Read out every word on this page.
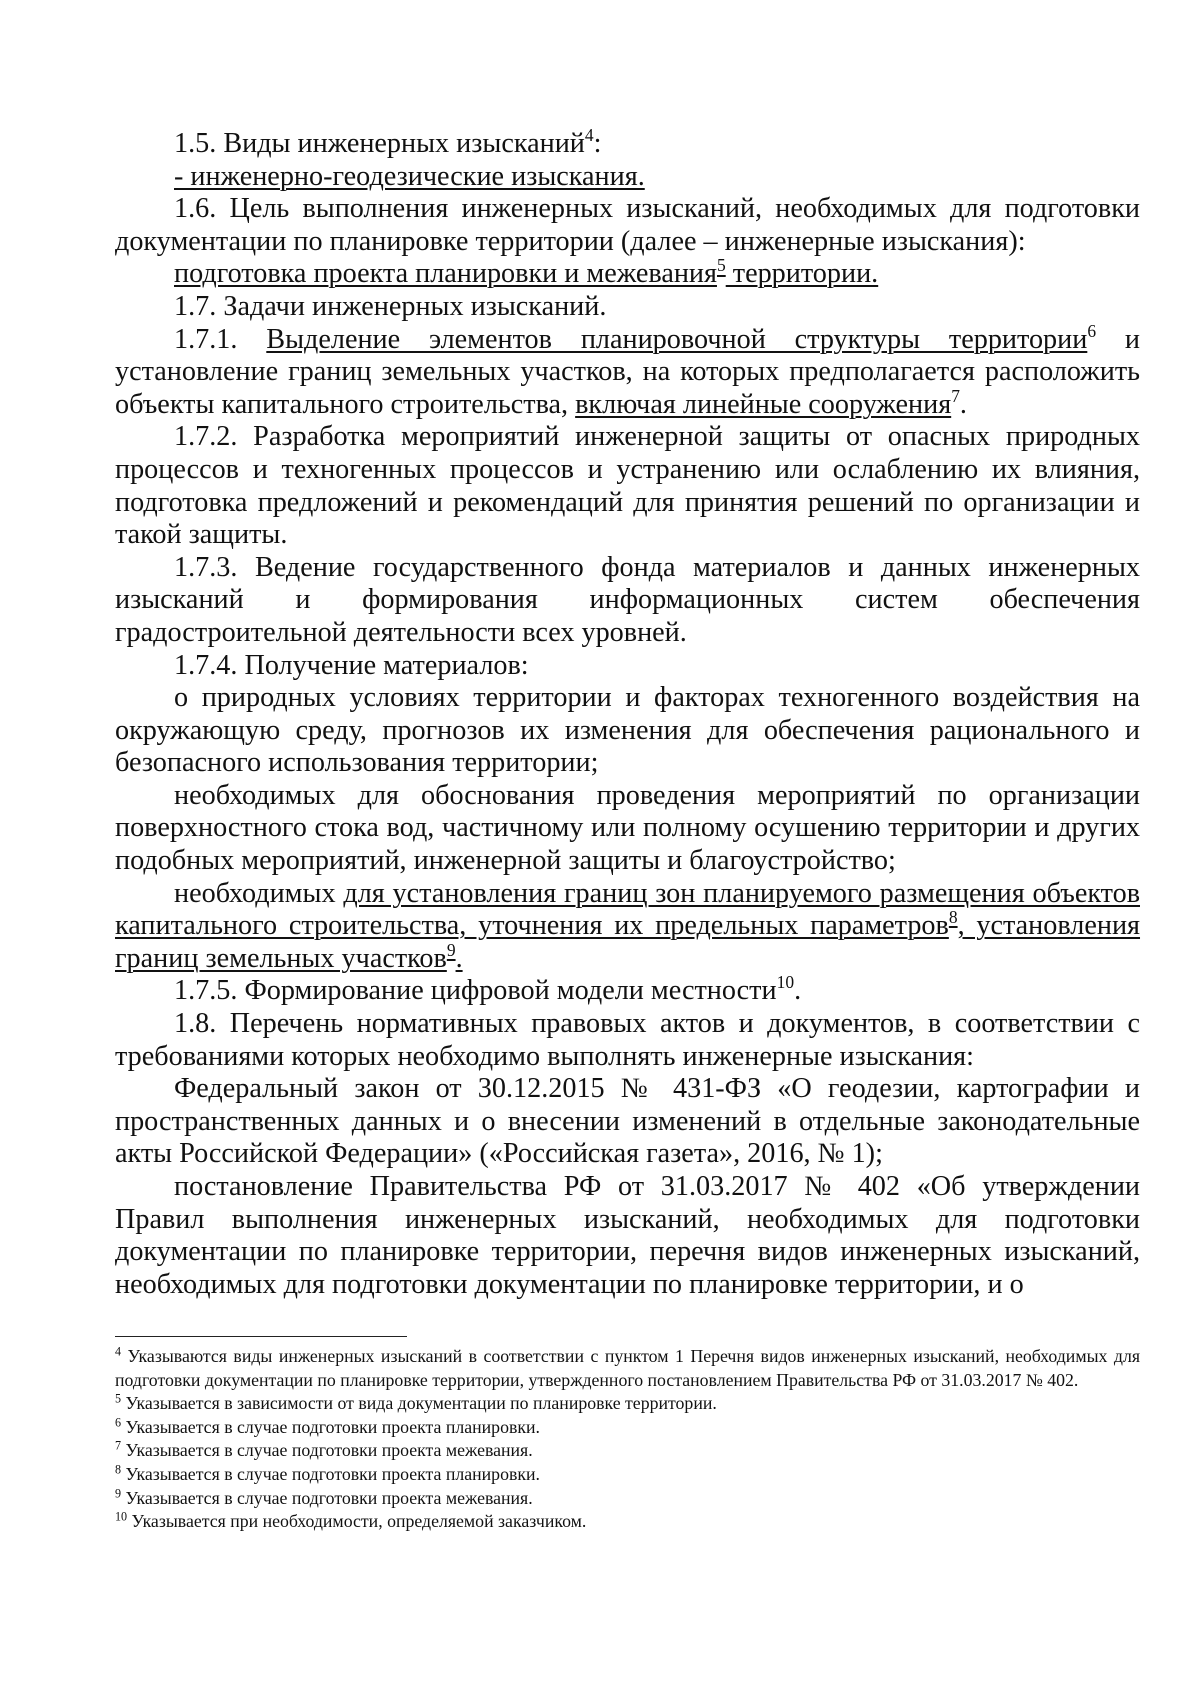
1.5. Виды инженерных изысканий$^4$:

- инженерно-геодезические изыскания.

1.6. Цель выполнения инженерных изысканий, необходимых для подготовки документации по планировке территории (далее – инженерные изыскания):

подготовка проекта планировки и межевания$^5$ территории.

1.7. Задачи инженерных изысканий.

1.7.1. Выделение элементов планировочной структуры территории$^6$ и установление границ земельных участков, на которых предполагается расположить объекты капитального строительства, включая линейные сооружения$^7$.

1.7.2. Разработка мероприятий инженерной защиты от опасных природных процессов и техногенных процессов и устранению или ослаблению их влияния, подготовка предложений и рекомендаций для принятия решений по организации и такой защиты.

1.7.3. Ведение государственного фонда материалов и данных инженерных изысканий и формирования информационных систем обеспечения градостроительной деятельности всех уровней.

1.7.4. Получение материалов:

о природных условиях территории и факторах техногенного воздействия на окружающую среду, прогнозов их изменения для обеспечения рационального и безопасного использования территории;

необходимых для обоснования проведения мероприятий по организации поверхностного стока вод, частичному или полному осушению территории и других подобных мероприятий, инженерной защиты и благоустройство;

необходимых для установления границ зон планируемого размещения объектов капитального строительства, уточнения их предельных параметров$^8$, установления границ земельных участков$^9$.

1.7.5. Формирование цифровой модели местности$^{10}$.

1.8. Перечень нормативных правовых актов и документов, в соответствии с требованиями которых необходимо выполнять инженерные изыскания:

Федеральный закон от 30.12.2015 № 431-ФЗ «О геодезии, картографии и пространственных данных и о внесении изменений в отдельные законодательные акты Российской Федерации» («Российская газета», 2016, № 1);

постановление Правительства РФ от 31.03.2017 № 402 «Об утверждении Правил выполнения инженерных изысканий, необходимых для подготовки документации по планировке территории, перечня видов инженерных изысканий, необходимых для подготовки документации по планировке территории, и о

$^4$ Указываются виды инженерных изысканий в соответствии с пунктом 1 Перечня видов инженерных изысканий, необходимых для подготовки документации по планировке территории, утвержденного постановлением Правительства РФ от 31.03.2017 № 402.

$^5$ Указывается в зависимости от вида документации по планировке территории.

$^6$ Указывается в случае подготовки проекта планировки.

$^7$ Указывается в случае подготовки проекта межевания.

$^8$ Указывается в случае подготовки проекта планировки.

$^9$ Указывается в случае подготовки проекта межевания.

$^{10}$ Указывается при необходимости, определяемой заказчиком.
